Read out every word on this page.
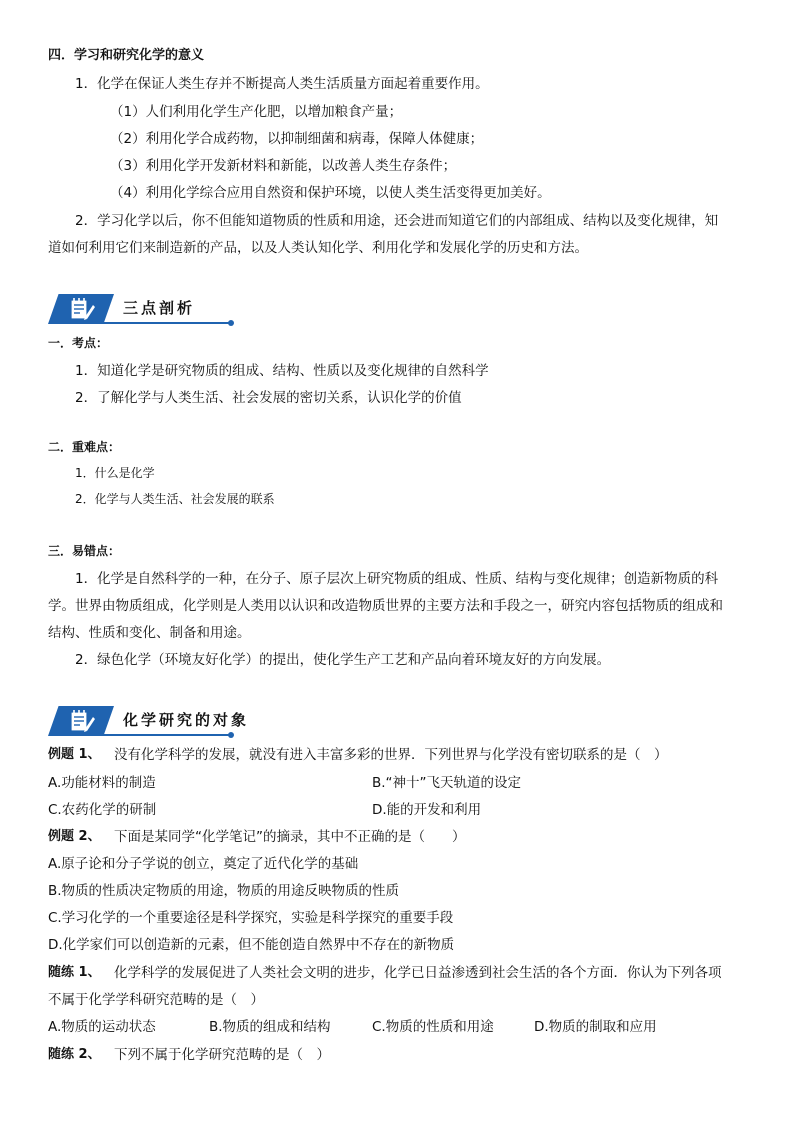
四．学习和研究化学的意义
1．化学在保证人类生存并不断提高人类生活质量方面起着重要作用。
（1）人们利用化学生产化肥，以增加粮食产量；
（2）利用化学合成药物，以抑制细菌和病毒，保障人体健康；
（3）利用化学开发新材料和新能，以改善人类生存条件；
（4）利用化学综合应用自然资和保护环境，以使人类生活变得更加美好。
2．学习化学以后，你不但能知道物质的性质和用途，还会进而知道它们的内部组成、结构以及变化规律，知
道如何利用它们来制造新的产品，以及人类认知化学、利用化学和发展化学的历史和方法。
三点剖析
一．考点：
1．知道化学是研究物质的组成、结构、性质以及变化规律的自然科学
2．了解化学与人类生活、社会发展的密切关系，认识化学的价值
二．重难点：
1．什么是化学
2．化学与人类生活、社会发展的联系
三．易错点：
1．化学是自然科学的一种，在分子、原子层次上研究物质的组成、性质、结构与变化规律；创造新物质的科
学。世界由物质组成，化学则是人类用以认识和改造物质世界的主要方法和手段之一，研究内容包括物质的组成和
结构、性质和变化、制备和用途。
2．绿色化学（环境友好化学）的提出，使化学生产工艺和产品向着环境友好的方向发展。
化学研究的对象
例题 1、 没有化学科学的发展，就没有进入丰富多彩的世界．下列世界与化学没有密切联系的是（　）
A.功能材料的制造	B.“神十”飞天轨道的设定
C.农药化学的研制	D.能的开发和利用
例题 2、 下面是某同学“化学笔记”的摘录，其中不正确的是（　　）
A.原子论和分子学说的创立，奠定了近代化学的基础
B.物质的性质决定物质的用途，物质的用途反映物质的性质
C.学习化学的一个重要途径是科学探究，实验是科学探究的重要手段
D.化学家们可以创造新的元素，但不能创造自然界中不存在的新物质
随练 1、 化学科学的发展促进了人类社会文明的进步，化学已日益渗透到社会生活的各个方面．你认为下列各项
不属于化学学科研究范畴的是（　）
A.物质的运动状态	B.物质的组成和结构	C.物质的性质和用途	D.物质的制取和应用
随练 2、 下列不属于化学研究范畴的是（　）
